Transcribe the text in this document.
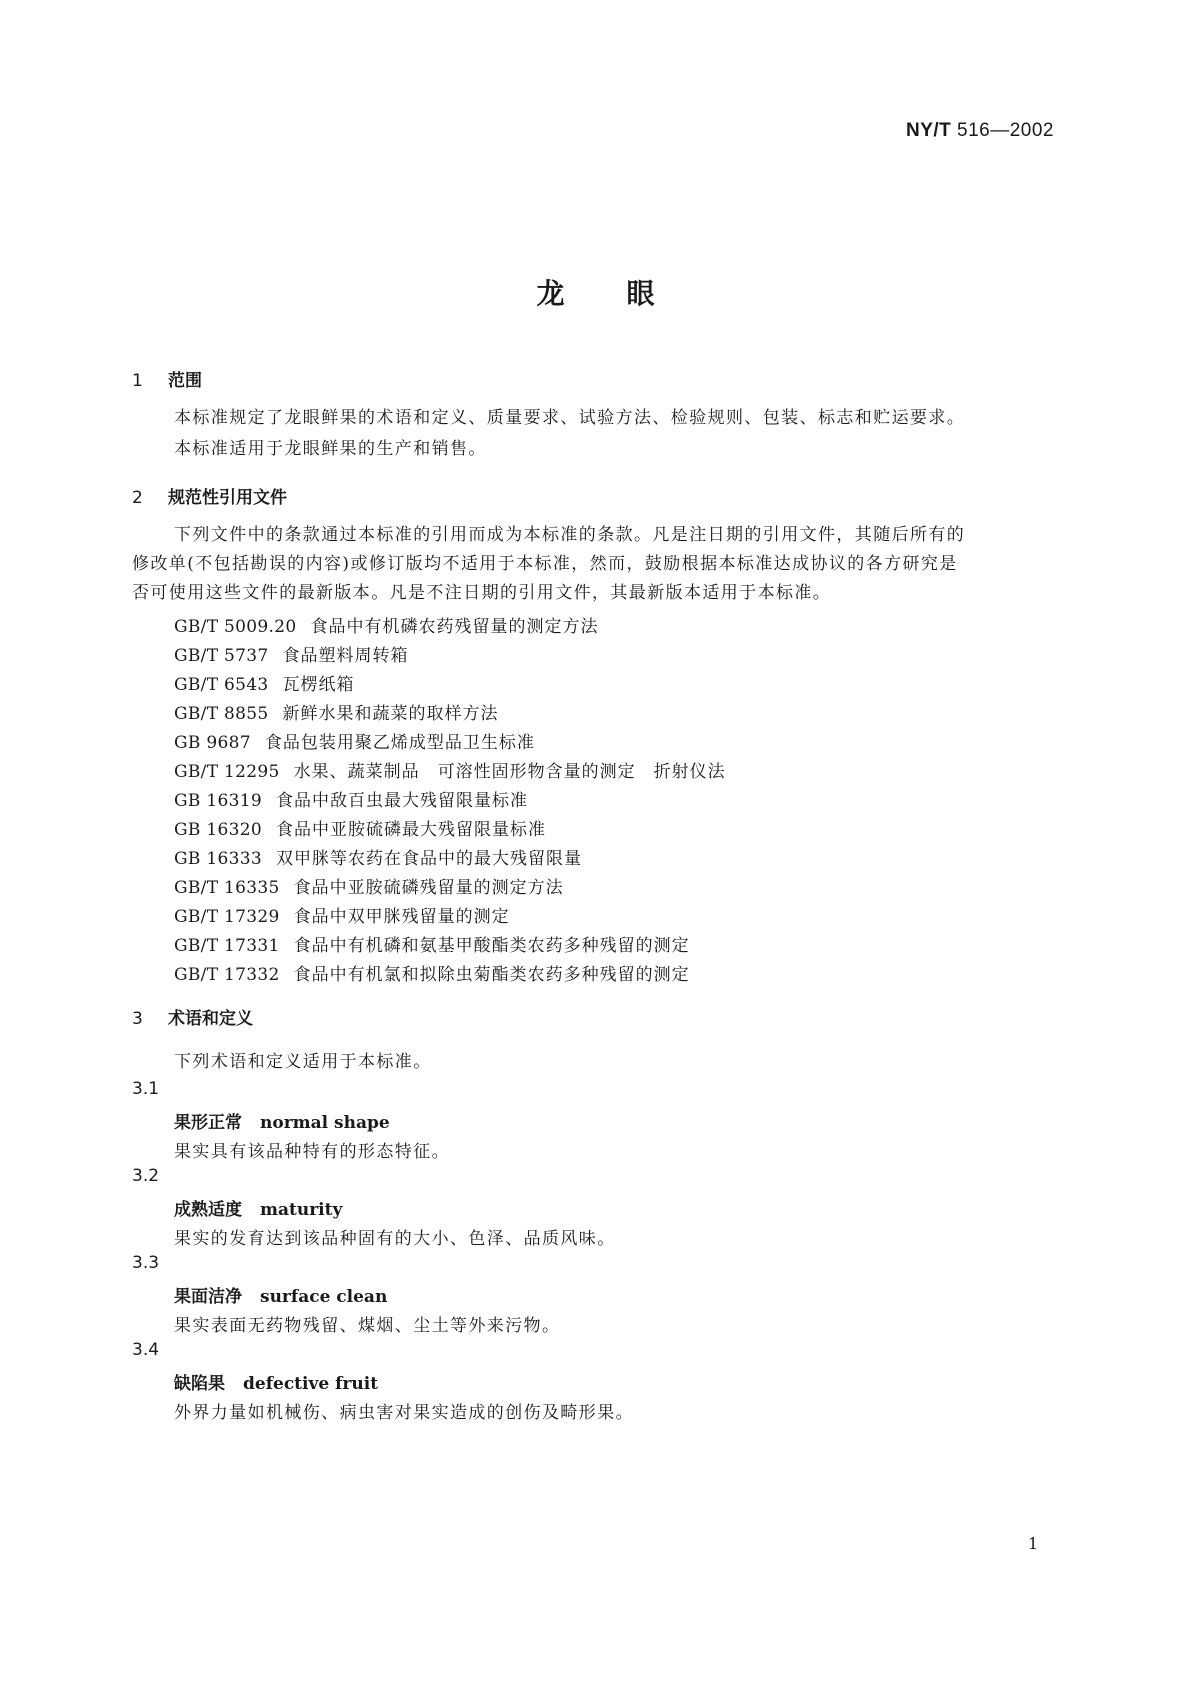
NY/T 516—2002
龙眼
1 范围
本标准规定了龙眼鲜果的术语和定义、质量要求、试验方法、检验规则、包装、标志和贮运要求。
本标准适用于龙眼鲜果的生产和销售。
2 规范性引用文件
下列文件中的条款通过本标准的引用而成为本标准的条款。凡是注日期的引用文件，其随后所有的
修改单(不包括勘误的内容)或修订版均不适用于本标准，然而，鼓励根据本标准达成协议的各方研究是
否可使用这些文件的最新版本。凡是不注日期的引用文件，其最新版本适用于本标准。
GB/T 5009.20 食品中有机磷农药残留量的测定方法
GB/T 5737 食品塑料周转箱
GB/T 6543 瓦楞纸箱
GB/T 8855 新鲜水果和蔬菜的取样方法
GB 9687 食品包装用聚乙烯成型品卫生标准
GB/T 12295 水果、蔬菜制品　可溶性固形物含量的测定　折射仪法
GB 16319 食品中敌百虫最大残留限量标准
GB 16320 食品中亚胺硫磷最大残留限量标准
GB 16333 双甲脒等农药在食品中的最大残留限量
GB/T 16335 食品中亚胺硫磷残留量的测定方法
GB/T 17329 食品中双甲脒残留量的测定
GB/T 17331 食品中有机磷和氨基甲酸酯类农药多种残留的测定
GB/T 17332 食品中有机氯和拟除虫菊酯类农药多种残留的测定
3 术语和定义
下列术语和定义适用于本标准。
3.1
果形正常 normal shape
果实具有该品种特有的形态特征。
3.2
成熟适度 maturity
果实的发育达到该品种固有的大小、色泽、品质风味。
3.3
果面洁净 surface clean
果实表面无药物残留、煤烟、尘土等外来污物。
3.4
缺陷果 defective fruit
外界力量如机械伤、病虫害对果实造成的创伤及畸形果。
1
